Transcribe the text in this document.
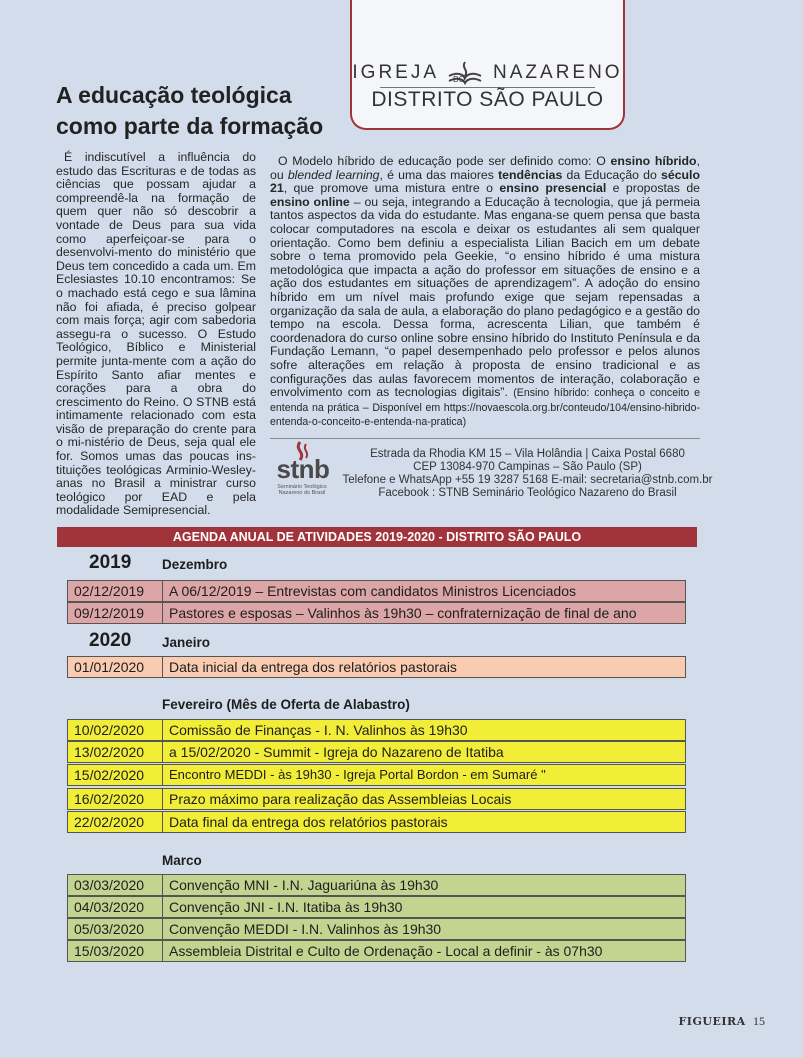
IGREJA DO NAZARENO
DISTRITO SÃO PAULO
A educação teológica como parte da formação

É indiscutível a influência do estudo das Escrituras e de todas as ciências que possam ajudar a compreendê-la na formação de quem quer não só descobrir a vontade de Deus para sua vida como aperfeiçoar-se para o desenvolvi-mento do ministério que Deus tem concedido a cada um. Em Eclesiastes 10.10 encontramos: Se o machado está cego e sua lâmina não foi afiada, é preciso golpear com mais força; agir com sabedoria assegu-ra o sucesso. O Estudo Teológico, Bíblico e Ministerial permite junta-mente com a ação do Espírito Santo afiar mentes e corações para a obra do crescimento do Reino. O STNB está intimamente relacionado com esta visão de preparação do crente para o mi-nistério de Deus, seja qual ele for. Somos umas das poucas ins-tituições teológicas Arminio-Wesley-anas no Brasil a ministrar curso teológico por EAD e pela modalidade Semipresencial.

O Modelo híbrido de educação pode ser definido como: O ensino híbrido, ou blended learning, é uma das maiores tendências da Educação do século 21, que promove uma mistura entre o ensino presencial e propostas de ensino online – ou seja, integrando a Educação à tecnologia, que já permeia tantos aspectos da vida do estudante. Mas engana-se quem pensa que basta colocar computadores na escola e deixar os estudantes ali sem qualquer orientação. Como bem definiu a especialista Lilian Bacich em um debate sobre o tema promovido pela Geekie, “o ensino híbrido é uma mistura metodológica que impacta a ação do professor em situações de ensino e a ação dos estudantes em situações de aprendizagem”. A adoção do ensino híbrido em um nível mais profundo exige que sejam repensadas a organização da sala de aula, a elaboração do plano pedagógico e a gestão do tempo na escola. Dessa forma, acrescenta Lilian, que também é coordenadora do curso online sobre ensino híbrido do Instituto Península e da Fundação Lemann, “o papel desempenhado pelo professor e pelos alunos sofre alterações em relação à proposta de ensino tradicional e as configurações das aulas favorecem momentos de interação, colaboração e envolvimento com as tecnologias digitais”. (Ensino híbrido: conheça o conceito e entenda na prática – Disponível em https://novaescola.org.br/conteudo/104/ensino-hibrido-entenda-o-conceito-e-entenda-na-pratica)

stnb
Seminário Teológico
Nazareno do Brasil
Estrada da Rhodia KM 15 – Vila Holândia | Caixa Postal 6680
CEP 13084-970 Campinas – São Paulo (SP)
Telefone e WhatsApp +55 19 3287 5168 E-mail: secretaria@stnb.com.br
Facebook : STNB Seminário Teológico Nazareno do Brasil
AGENDA ANUAL DE ATIVIDADES 2019-2020 - DISTRITO SÃO PAULO
2019 Dezembro
02/12/2019	A 06/12/2019 – Entrevistas com candidatos Ministros Licenciados
09/12/2019	Pastores e esposas – Valinhos às 19h30 – confraternização de final de ano
2020 Janeiro
01/01/2020	Data inicial da entrega dos relatórios pastorais
Fevereiro (Mês de Oferta de Alabastro)
10/02/2020	Comissão de Finanças - I. N. Valinhos às 19h30
13/02/2020	a 15/02/2020 - Summit - Igreja do Nazareno de Itatiba
15/02/2020	Encontro MEDDI - às 19h30 - Igreja Portal Bordon - em Sumaré "
16/02/2020	Prazo máximo para realização das Assembleias Locais
22/02/2020	Data final da entrega dos relatórios pastorais
Marco
03/03/2020	Convenção MNI - I.N. Jaguariúna às 19h30
04/03/2020	Convenção JNI - I.N. Itatiba às 19h30
05/03/2020	Convenção MEDDI - I.N. Valinhos às 19h30
15/03/2020	Assembleia Distrital e Culto de Ordenação - Local a definir - às 07h30
FIGUEIRA 15
